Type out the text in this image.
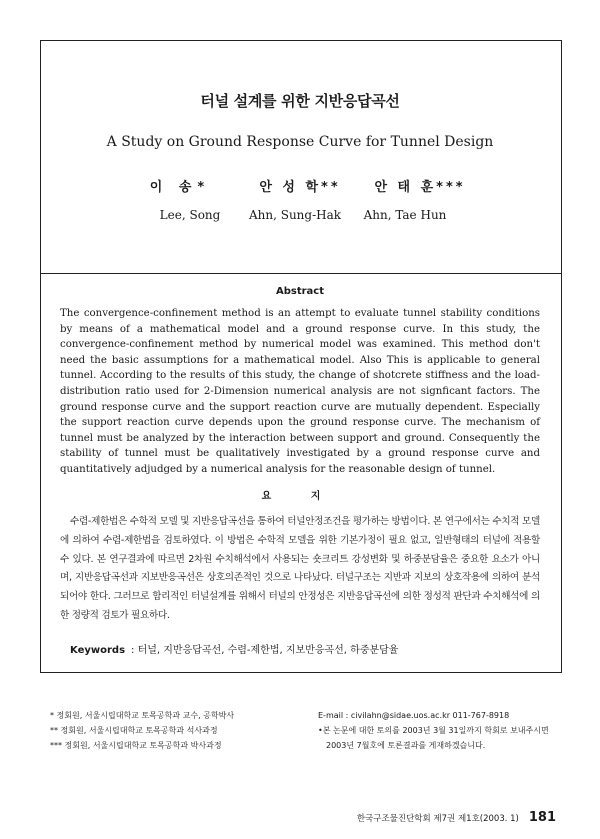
터널 설계를 위한 지반응답곡선
A Study on Ground Response Curve for Tunnel Design
이 송*	안 성 학**	안 태 훈***
Lee, Song	Ahn, Sung-Hak	Ahn, Tae Hun
Abstract

The convergence-confinement method is an attempt to evaluate tunnel stability conditions by means of a mathematical model and a ground response curve. In this study, the convergence-confinement method by numerical model was examined. This method don't need the basic assumptions for a mathematical model. Also This is applicable to general tunnel. According to the results of this study, the change of shotcrete stiffness and the load-distribution ratio used for 2-Dimension numerical analysis are not signficant factors. The ground response curve and the support reaction curve are mutually dependent. Especially the support reaction curve depends upon the ground response curve. The mechanism of tunnel must be analyzed by the interaction between support and ground. Consequently the stability of tunnel must be qualitatively investigated by a ground response curve and quantitatively adjudged by a numerical analysis for the reasonable design of tunnel.

요 지

수렴-제한법은 수학적 모델 및 지반응답곡선을 통하여 터널안정조건을 평가하는 방법이다. 본 연구에서는 수치적 모델에 의하여 수렴-제한법을 검토하였다. 이 방법은 수학적 모델을 위한 기본가정이 필요 없고, 일반형태의 터널에 적용할 수 있다. 본 연구결과에 따르면 2차원 수치해석에서 사용되는 숏크리트 강성변화 및 하중분담율은 중요한 요소가 아니며, 지반응답곡선과 지보반응곡선은 상호의존적인 것으로 나타났다. 터널구조는 지반과 지보의 상호작용에 의하여 분석되어야 한다. 그러므로 합리적인 터널설계를 위해서 터널의 안정성은 지반응답곡선에 의한 정성적 판단과 수치해석에 의한 정량적 검토가 필요하다.

Keywords : 터널, 지반응답곡선, 수렴-제한법, 지보반응곡선, 하중분담율
* 정회원, 서울시립대학교 토목공학과 교수, 공학박사
** 정회원, 서울시립대학교 토목공학과 석사과정
*** 정회원, 서울시립대학교 토목공학과 박사과정
E-mail : civilahn@sidae.uos.ac.kr 011-767-8918
•본 논문에 대한 토의를 2003년 3월 31일까지 학회로 보내주시면 2003년 7월호에 토론결과를 게재하겠습니다.
한국구조물진단학회 제7권 제1호(2003. 1) 181
